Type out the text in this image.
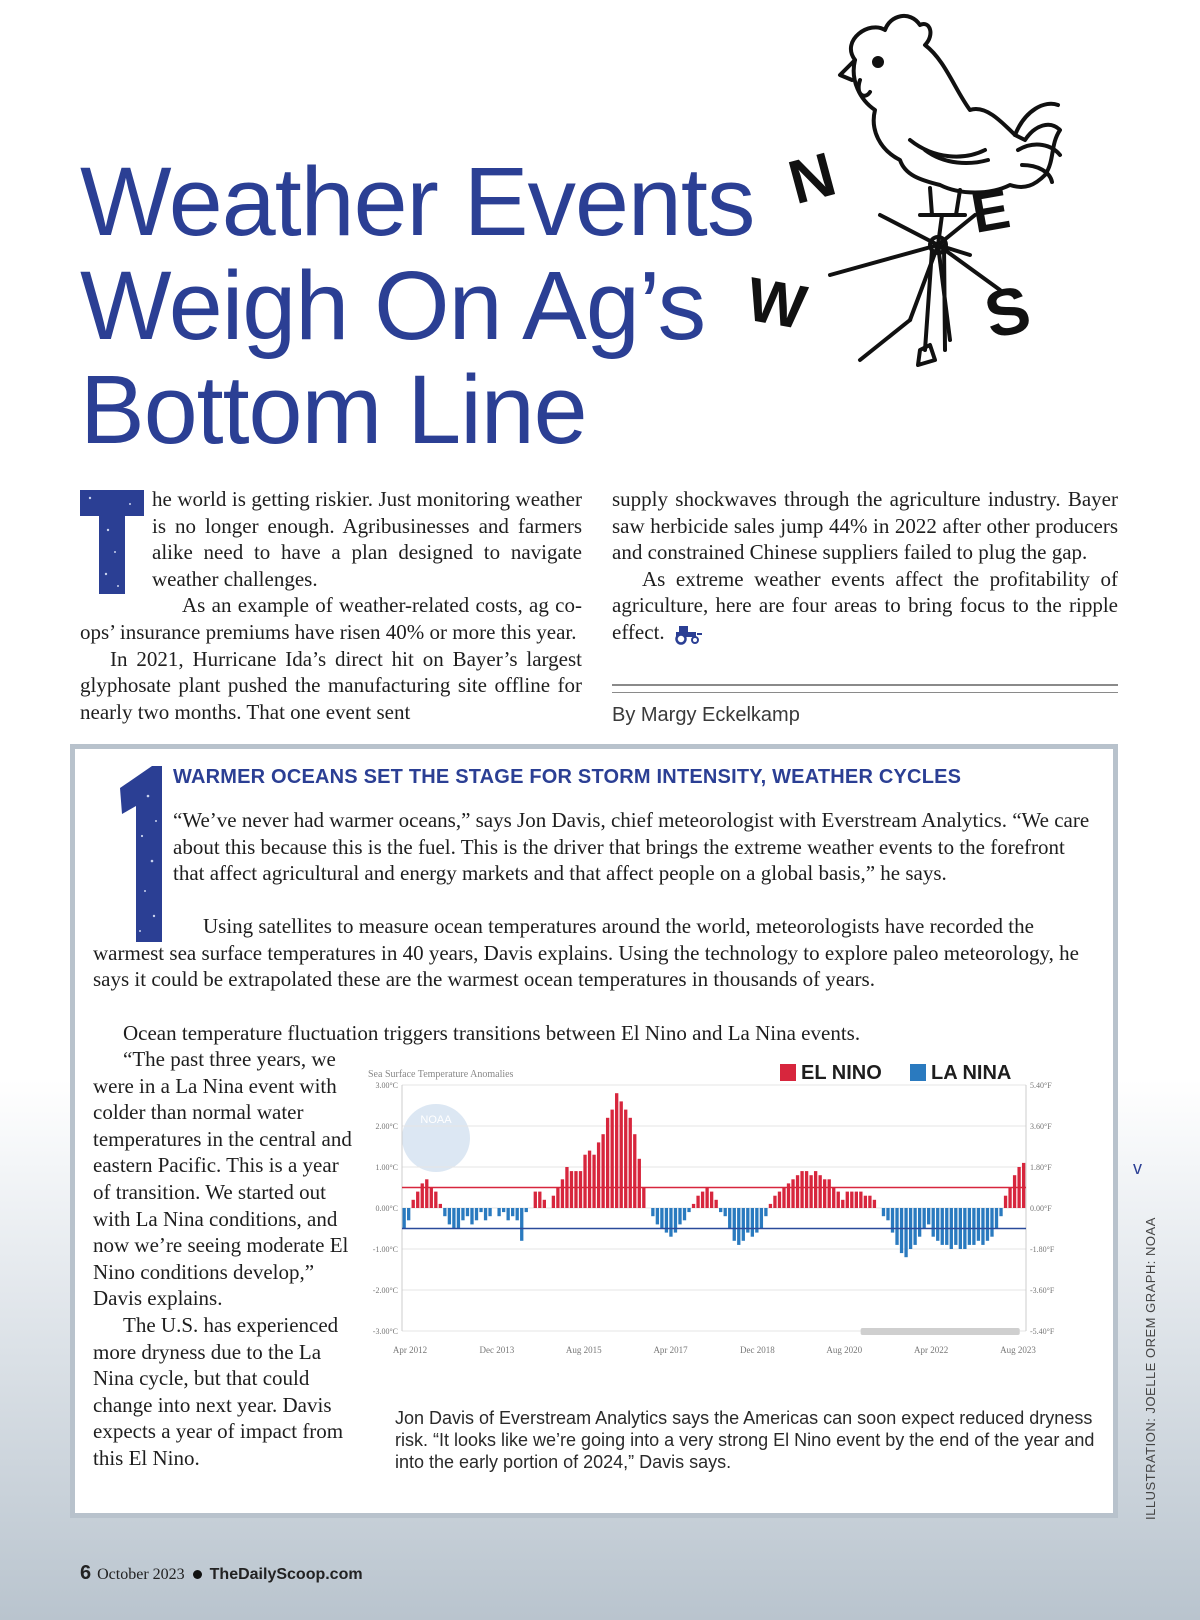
Weather Events
Weigh On Ag’s
Bottom Line
N E
W	S

he world is getting riskier. Just monitoring weather is no longer enough. Agribusinesses and farmers alike need to have a plan designed to navigate weather challenges.

As an example of weather-related costs, ag co-ops’ insurance premiums have risen 40% or more this year.

In 2021, Hurricane Ida’s direct hit on Bayer’s largest glyphosate plant pushed the manufacturing site offline for nearly two months. That one event sent

supply shockwaves through the agriculture industry. Bayer saw herbicide sales jump 44% in 2022 after other producers and constrained Chinese suppliers failed to plug the gap.

As extreme weather events affect the profitability of agriculture, here are four areas to bring focus to the ripple effect.

By Margy Eckelkamp
WARMER OCEANS SET THE STAGE FOR STORM INTENSITY, WEATHER CYCLES

“We’ve never had warmer oceans,” says Jon Davis, chief meteorologist with Everstream Analytics. “We care about this because this is the fuel. This is the driver that brings the extreme weather events to the forefront that affect agricultural and energy markets and that affect people on a global basis,” he says.

Using satellites to measure ocean temperatures around the world, meteorologists have recorded the warmest sea surface temperatures in 40 years, Davis explains. Using the technology to explore paleo meteorology, he says it could be extrapolated these are the warmest ocean temperatures in thousands of years.

Ocean temperature fluctuation triggers transitions between El Nino and La Nina events.

“The past three years, we were in a La Nina event with colder than normal water temperatures in the central and eastern Pacific. This is a year of transition. We started out with La Nina conditions, and now we’re seeing moderate El Nino conditions develop,” Davis explains.

The U.S. has experienced more dryness due to the La Nina cycle, but that could change into next year. Davis expects a year of impact from this El Nino.

Sea Surface Temperature Anomalies
NOAA
3.00°C	5.40°F
2.00°C	3.60°F
1.00°C	1.80°F
0.00°C	0.00°F
-1.00°C	-1.80°F
-2.00°C	-3.60°F
-3.00°C	-5.40°F
Apr 2012	Dec 2013	Aug 2015	Apr 2017	Dec 2018	Aug 2020	Apr 2022	Aug 2023
EL NINO	LA NINA
Jon Davis of Everstream Analytics says the Americas can soon expect reduced dryness risk. “It looks like we’re going into a very strong El Nino event by the end of the year and into the early portion of 2024,” Davis says.
v
ILLUSTRATION: JOELLE OREM GRAPH: NOAA
6 October 2023 TheDailyScoop.com
